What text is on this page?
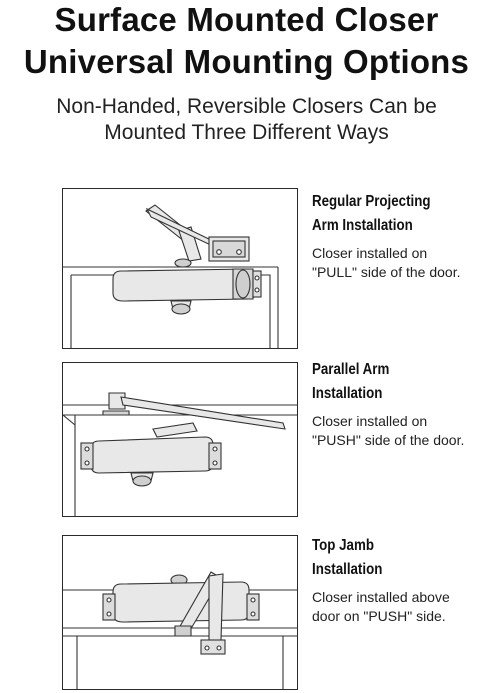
Surface Mounted Closer
Universal Mounting Options
Non-Handed, Reversible Closers Can be
Mounted Three Different Ways
Regular Projecting
Arm Installation
Closer installed on
"PULL" side of the door.
Parallel Arm
Installation
Closer installed on
"PUSH" side of the door.
Top Jamb
Installation
Closer installed above
door on "PUSH" side.
